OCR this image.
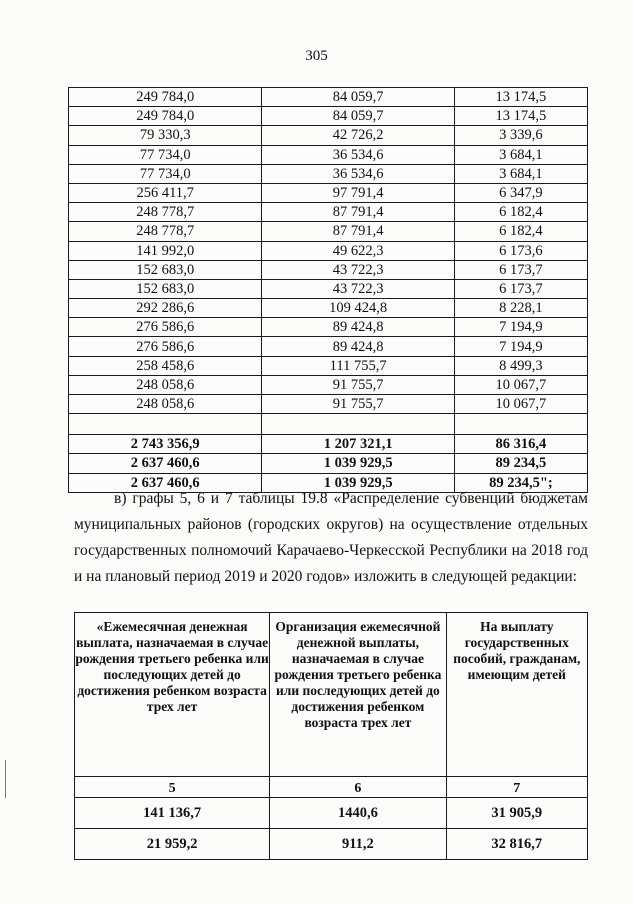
305
249 784,0	84 059,7	13 174,5
249 784,0	84 059,7	13 174,5
79 330,3	42 726,2	3 339,6
77 734,0	36 534,6	3 684,1
77 734,0	36 534,6	3 684,1
256 411,7	97 791,4	6 347,9
248 778,7	87 791,4	6 182,4
248 778,7	87 791,4	6 182,4
141 992,0	49 622,3	6 173,6
152 683,0	43 722,3	6 173,7
152 683,0	43 722,3	6 173,7
292 286,6	109 424,8	8 228,1
276 586,6	89 424,8	7 194,9
276 586,6	89 424,8	7 194,9
258 458,6	111 755,7	8 499,3
248 058,6	91 755,7	10 067,7
248 058,6	91 755,7	10 067,7

2 743 356,9	1 207 321,1	86 316,4
2 637 460,6	1 039 929,5	89 234,5
2 637 460,6	1 039 929,5	89 234,5";

в) графы 5, 6 и 7 таблицы 19.8 «Распределение субвенций бюджетам муниципальных районов (городских округов) на осуществление отдельных государственных полномочий Карачаево-Черкесской Республики на 2018 год и на плановый период 2019 и 2020 годов» изложить в следующей редакции:

«Ежемесячная денежная выплата, назначаемая в случае рождения третьего ребенка или последующих детей до достижения ребенком возраста трех лет	Организация ежемесячной денежной выплаты, назначаемая в случае рождения третьего ребенка или последующих детей до достижения ребенком возраста трех лет	На выплату государственных пособий, гражданам, имеющим детей
5	6	7
141 136,7	1440,6	31 905,9
21 959,2	911,2	32 816,7
